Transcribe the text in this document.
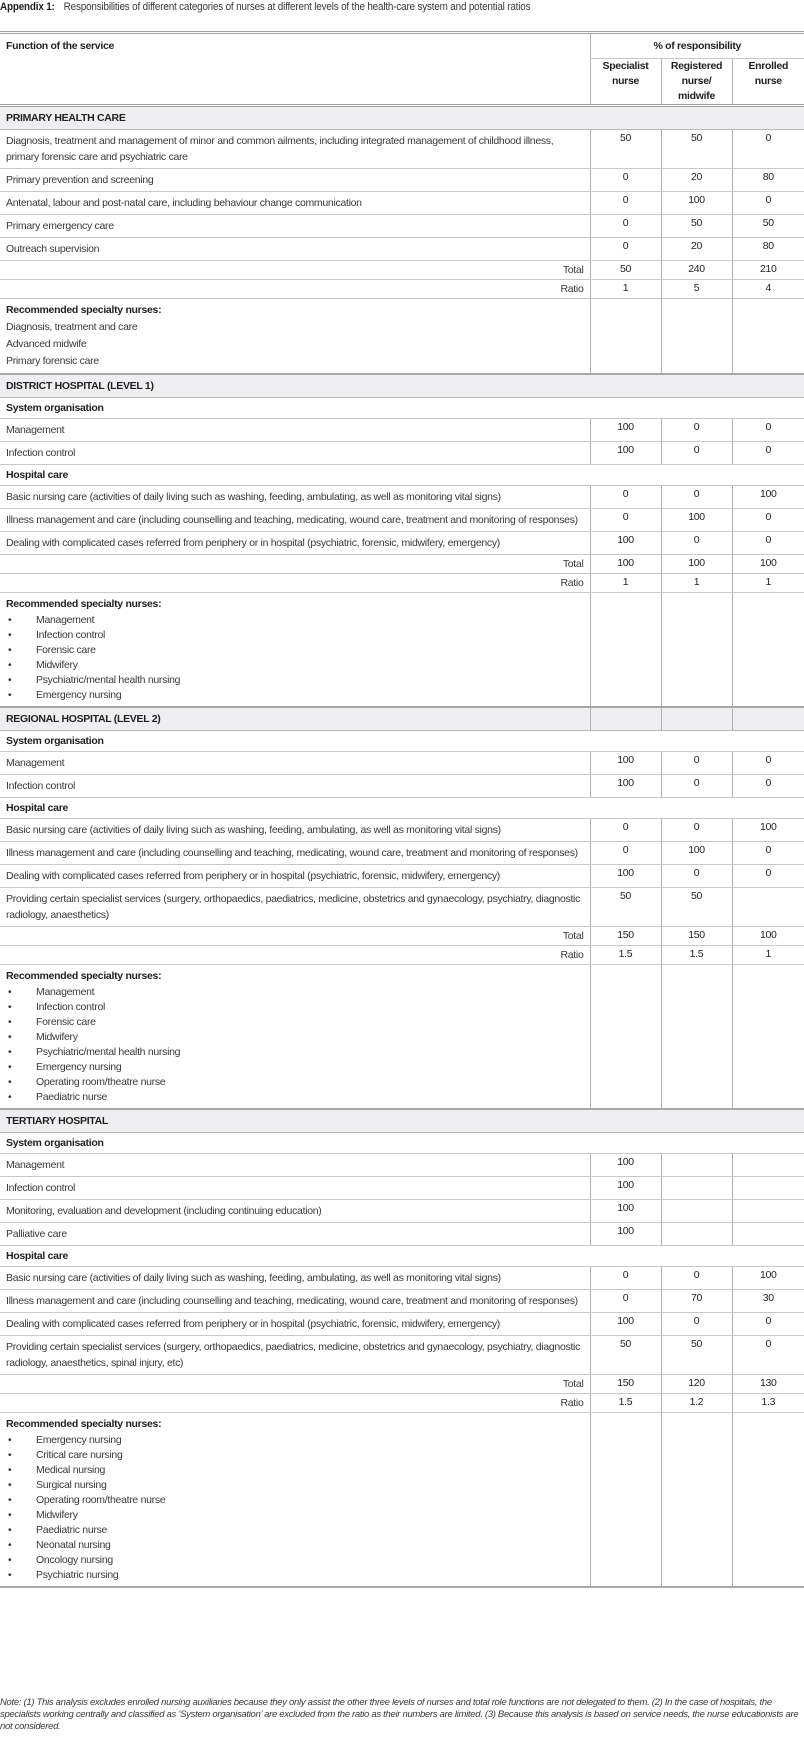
Appendix 1: Responsibilities of different categories of nurses at different levels of the health-care system and potential ratios
Function of the service	% of responsibility		
	Specialist nurse	Registered nurse/ midwife	Enrolled nurse
PRIMARY HEALTH CARE			
Diagnosis, treatment and management of minor and common ailments, including integrated management of childhood illness, primary forensic care and psychiatric care	50	50	0
Primary prevention and screening	0	20	80
Antenatal, labour and post-natal care, including behaviour change communication	0	100	0
Primary emergency care	0	50	50
Outreach supervision	0	20	80
Total	50	240	210
Ratio	1	5	4

Recommended specialty nurses:
Diagnosis, treatment and care
Advanced midwife
Primary forensic care			

DISTRICT HOSPITAL (LEVEL 1)			
System organisation			
Management	100	0	0
Infection control	100	0	0
Hospital care			
Basic nursing care (activities of daily living such as washing, feeding, ambulating, as well as monitoring vital signs)	0	0	100
Illness management and care (including counselling and teaching, medicating, wound care, treatment and monitoring of responses)	0	100	0
Dealing with complicated cases referred from periphery or in hospital (psychiatric, forensic, midwifery, emergency)	100	0	0
Total	100	100	100
Ratio	1	1	1

Recommended specialty nurses:
• Management
• Infection control
• Forensic care
• Midwifery
• Psychiatric/mental health nursing
• Emergency nursing

REGIONAL HOSPITAL (LEVEL 2)			
System organisation			
Management	100	0	0
Infection control	100	0	0
Hospital care			
Basic nursing care (activities of daily living such as washing, feeding, ambulating, as well as monitoring vital signs)	0	0	100
Illness management and care (including counselling and teaching, medicating, wound care, treatment and monitoring of responses)	0	100	0
Dealing with complicated cases referred from periphery or in hospital (psychiatric, forensic, midwifery, emergency)	100	0	0
Providing certain specialist services (surgery, orthopaedics, paediatrics, medicine, obstetrics and gynaecology, psychiatry, diagnostic radiology, anaesthetics)	50	50	
Total	150	150	100
Ratio	1.5	1.5	1

Recommended specialty nurses:
• Management
• Infection control
• Forensic care
• Midwifery
• Psychiatric/mental health nursing
• Emergency nursing
• Operating room/theatre nurse
• Paediatric nurse

TERTIARY HOSPITAL			
System organisation			
Management	100		
Infection control	100		
Monitoring, evaluation and development (including continuing education)	100		
Palliative care	100		
Hospital care			
Basic nursing care (activities of daily living such as washing, feeding, ambulating, as well as monitoring vital signs)	0	0	100
Illness management and care (including counselling and teaching, medicating, wound care, treatment and monitoring of responses)	0	70	30
Dealing with complicated cases referred from periphery or in hospital (psychiatric, forensic, midwifery, emergency)	100	0	0
Providing certain specialist services (surgery, orthopaedics, paediatrics, medicine, obstetrics and gynaecology, psychiatry, diagnostic radiology, anaesthetics, spinal injury, etc)	50	50	0
Total	150	120	130
Ratio	1.5	1.2	1.3

Recommended specialty nurses:
• Emergency nursing
• Critical care nursing
• Medical nursing
• Surgical nursing
• Operating room/theatre nurse
• Midwifery
• Paediatric nurse
• Neonatal nursing
• Oncology nursing
• Psychiatric nursing

Note: (1) This analysis excludes enrolled nursing auxiliaries because they only assist the other three levels of nurses and total role functions are not delegated to them. (2) In the case of hospitals, the specialists working centrally and classified as ‘System organisation’ are excluded from the ratio as their numbers are limited. (3) Because this analysis is based on service needs, the nurse educationists are not considered.
